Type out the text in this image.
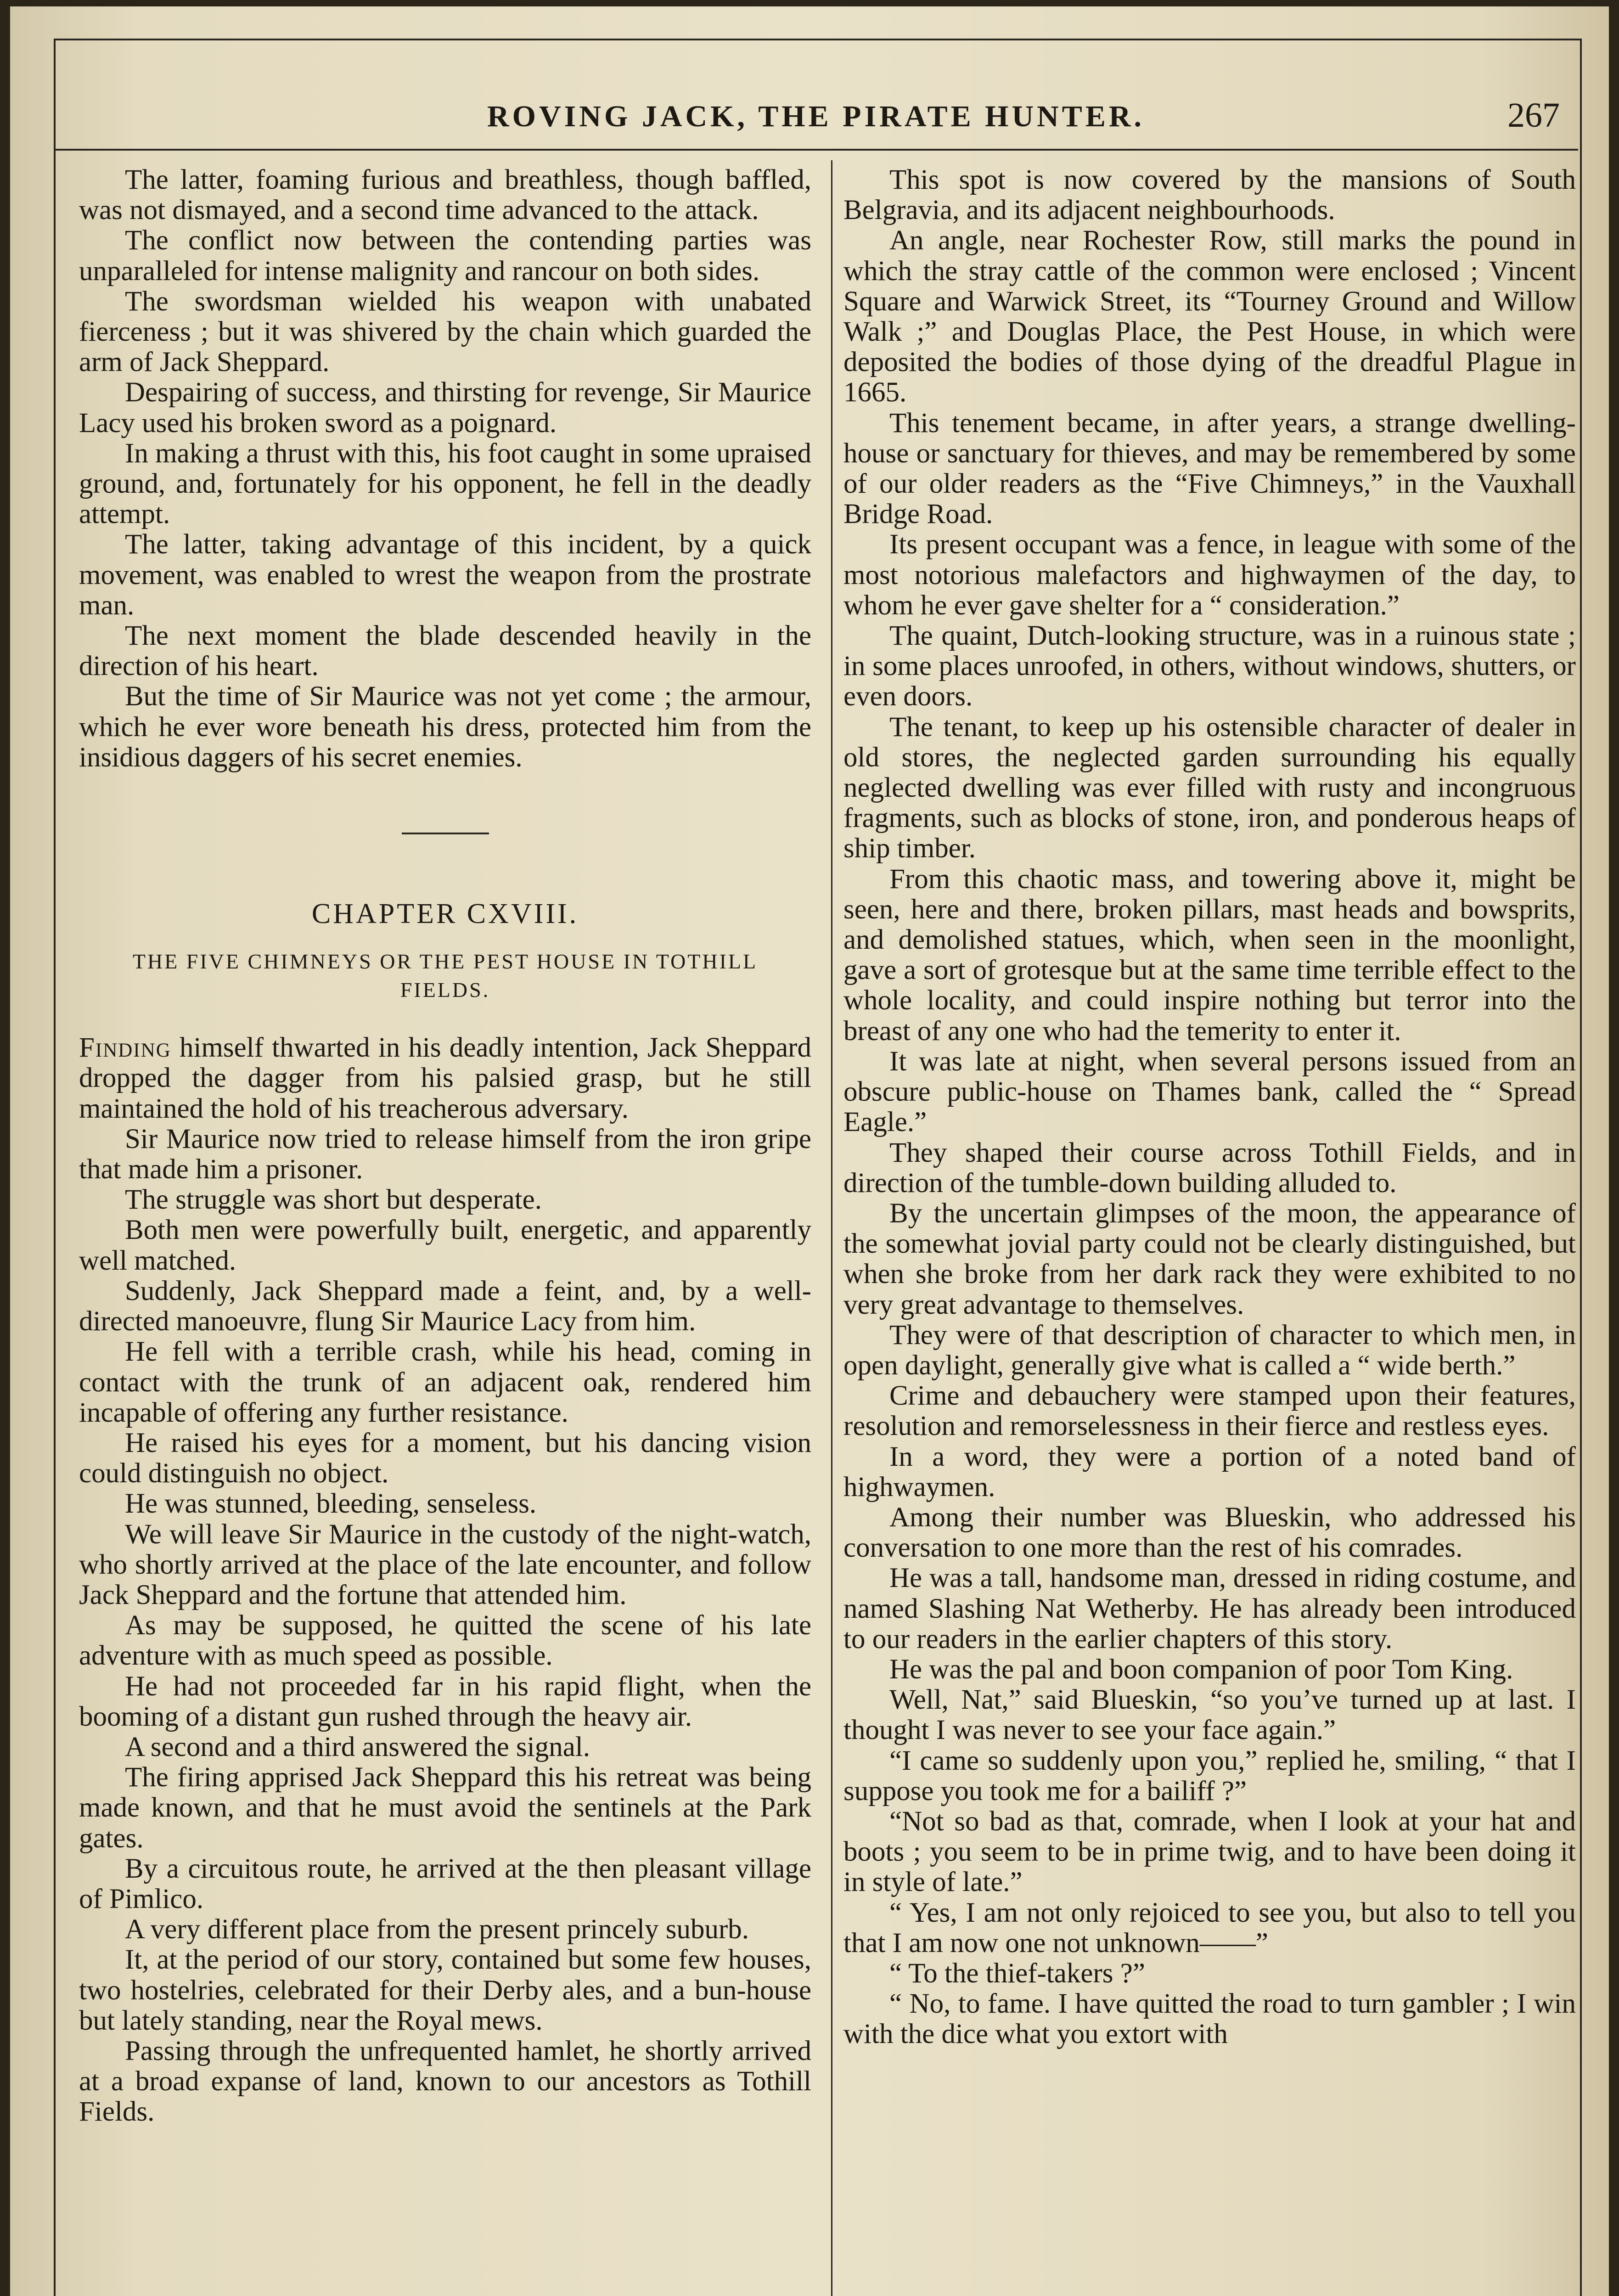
ROVING JACK, THE PIRATE HUNTER.	267

The latter, foaming furious and breathless, though baffled, was not dismayed, and a second time advanced to the attack.

The conflict now between the contending parties was unparalleled for intense malignity and rancour on both sides.

The swordsman wielded his weapon with unabated fierceness ; but it was shivered by the chain which guarded the arm of Jack Sheppard.

Despairing of success, and thirsting for revenge, Sir Maurice Lacy used his broken sword as a poignard.

In making a thrust with this, his foot caught in some upraised ground, and, fortunately for his opponent, he fell in the deadly attempt.

The latter, taking advantage of this incident, by a quick movement, was enabled to wrest the weapon from the prostrate man.

The next moment the blade descended heavily in the direction of his heart.

But the time of Sir Maurice was not yet come ; the armour, which he ever wore beneath his dress, protected him from the insidious daggers of his secret enemies.

CHAPTER CXVIII.
THE FIVE CHIMNEYS OR THE PEST HOUSE IN TOTHILL FIELDS.

Finding himself thwarted in his deadly intention, Jack Sheppard dropped the dagger from his palsied grasp, but he still maintained the hold of his treacherous adversary.

Sir Maurice now tried to release himself from the iron gripe that made him a prisoner.

The struggle was short but desperate.

Both men were powerfully built, energetic, and apparently well matched.

Suddenly, Jack Sheppard made a feint, and, by a well-directed manoeuvre, flung Sir Maurice Lacy from him.

He fell with a terrible crash, while his head, coming in contact with the trunk of an adjacent oak, rendered him incapable of offering any further resistance.

He raised his eyes for a moment, but his dancing vision could distinguish no object.

He was stunned, bleeding, senseless.

We will leave Sir Maurice in the custody of the night-watch, who shortly arrived at the place of the late encounter, and follow Jack Sheppard and the fortune that attended him.

As may be supposed, he quitted the scene of his late adventure with as much speed as possible.

He had not proceeded far in his rapid flight, when the booming of a distant gun rushed through the heavy air.

A second and a third answered the signal.

The firing apprised Jack Sheppard this his retreat was being made known, and that he must avoid the sentinels at the Park gates.

By a circuitous route, he arrived at the then pleasant village of Pimlico.

A very different place from the present princely suburb.

It, at the period of our story, contained but some few houses, two hostelries, celebrated for their Derby ales, and a bun-house but lately standing, near the Royal mews.

Passing through the unfrequented hamlet, he shortly arrived at a broad expanse of land, known to our ancestors as Tothill Fields.

This spot is now covered by the mansions of South Belgravia, and its adjacent neighbourhoods.

An angle, near Rochester Row, still marks the pound in which the stray cattle of the common were enclosed ; Vincent Square and Warwick Street, its “Tourney Ground and Willow Walk ;” and Douglas Place, the Pest House, in which were deposited the bodies of those dying of the dreadful Plague in 1665.

This tenement became, in after years, a strange dwelling-house or sanctuary for thieves, and may be remembered by some of our older readers as the “Five Chimneys,” in the Vauxhall Bridge Road.

Its present occupant was a fence, in league with some of the most notorious malefactors and highwaymen of the day, to whom he ever gave shelter for a “ consideration.”

The quaint, Dutch-looking structure, was in a ruinous state ; in some places unroofed, in others, without windows, shutters, or even doors.

The tenant, to keep up his ostensible character of dealer in old stores, the neglected garden surrounding his equally neglected dwelling was ever filled with rusty and incongruous fragments, such as blocks of stone, iron, and ponderous heaps of ship timber.

From this chaotic mass, and towering above it, might be seen, here and there, broken pillars, mast heads and bowsprits, and demolished statues, which, when seen in the moonlight, gave a sort of grotesque but at the same time terrible effect to the whole locality, and could inspire nothing but terror into the breast of any one who had the temerity to enter it.

It was late at night, when several persons issued from an obscure public-house on Thames bank, called the “ Spread Eagle.”

They shaped their course across Tothill Fields, and in direction of the tumble-down building alluded to.

By the uncertain glimpses of the moon, the appearance of the somewhat jovial party could not be clearly distinguished, but when she broke from her dark rack they were exhibited to no very great advantage to themselves.

They were of that description of character to which men, in open daylight, generally give what is called a “ wide berth.”

Crime and debauchery were stamped upon their features, resolution and remorselessness in their fierce and restless eyes.

In a word, they were a portion of a noted band of highwaymen.

Among their number was Blueskin, who addressed his conversation to one more than the rest of his comrades.

He was a tall, handsome man, dressed in riding costume, and named Slashing Nat Wetherby. He has already been introduced to our readers in the earlier chapters of this story.

He was the pal and boon companion of poor Tom King.

Well, Nat,” said Blueskin, “so you’ve turned up at last. I thought I was never to see your face again.”

“I came so suddenly upon you,” replied he, smiling, “ that I suppose you took me for a bailiff ?”

“Not so bad as that, comrade, when I look at your hat and boots ; you seem to be in prime twig, and to have been doing it in style of late.”

“ Yes, I am not only rejoiced to see you, but also to tell you that I am now one not unknown——”

“ To the thief-takers ?”

“ No, to fame. I have quitted the road to turn gambler ; I win with the dice what you extort with
